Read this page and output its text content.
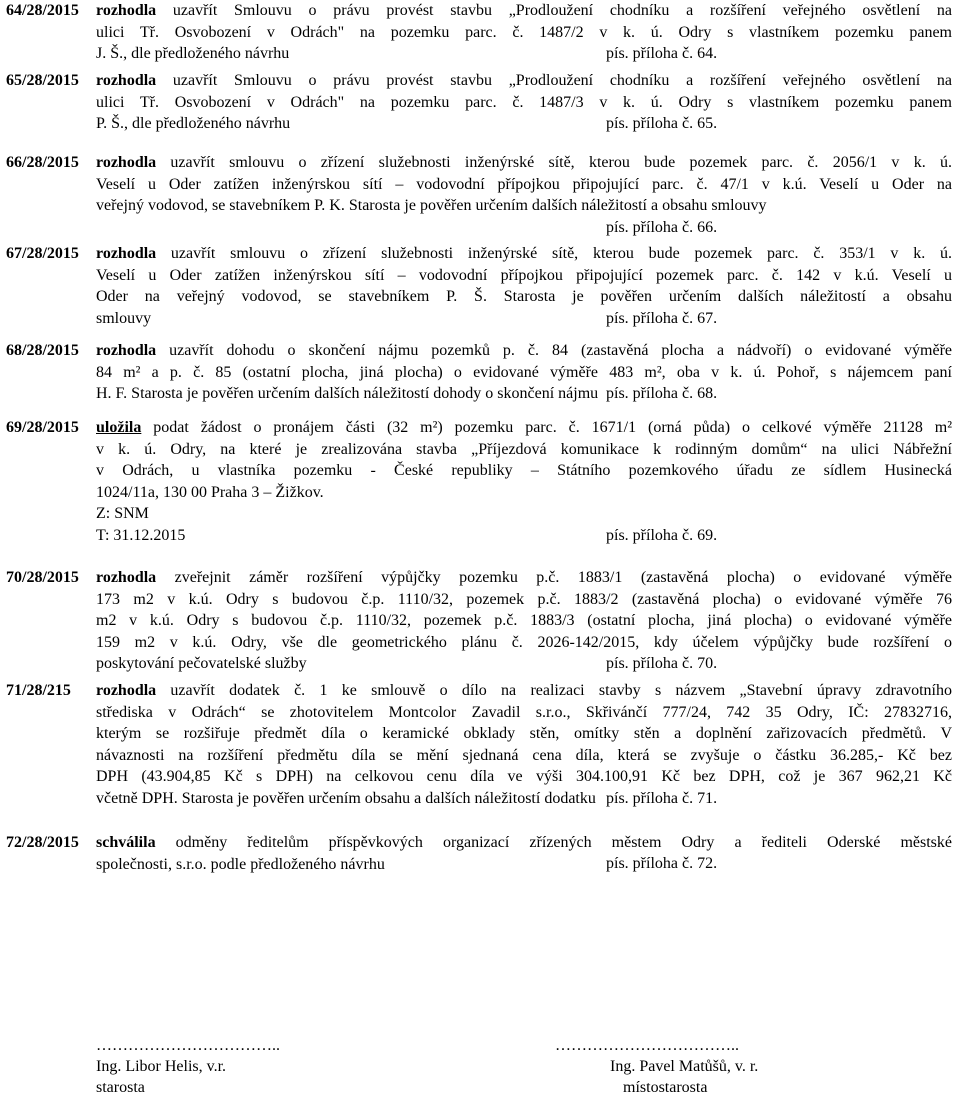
64/28/2015 rozhodla uzavřít Smlouvu o právu provést stavbu „Prodloužení chodníku a rozšíření veřejného osvětlení na
ulici Tř. Osvobození v Odrách" na pozemku parc. č. 1487/2 v k. ú. Odry s vlastníkem pozemku panem
J. Š., dle předloženého návrhu	pís. příloha č. 64.
65/28/2015 rozhodla uzavřít Smlouvu o právu provést stavbu „Prodloužení chodníku a rozšíření veřejného osvětlení na
ulici Tř. Osvobození v Odrách" na pozemku parc. č. 1487/3 v k. ú. Odry s vlastníkem pozemku panem
P. Š., dle předloženého návrhu	pís. příloha č. 65.
66/28/2015 rozhodla uzavřít smlouvu o zřízení služebnosti inženýrské sítě, kterou bude pozemek parc. č. 2056/1 v k. ú.
Veselí u Oder zatížen inženýrskou sítí – vodovodní přípojkou připojující parc. č. 47/1 v k.ú. Veselí u Oder na
veřejný vodovod, se stavebníkem P. K. Starosta je pověřen určením dalších náležitostí a obsahu smlouvy
pís. příloha č. 66.
67/28/2015 rozhodla uzavřít smlouvu o zřízení služebnosti inženýrské sítě, kterou bude pozemek parc. č. 353/1 v k. ú.
Veselí u Oder zatížen inženýrskou sítí – vodovodní přípojkou připojující pozemek parc. č. 142 v k.ú. Veselí u
Oder na veřejný vodovod, se stavebníkem P. Š. Starosta je pověřen určením dalších náležitostí a obsahu
smlouvy	pís. příloha č. 67.
68/28/2015 rozhodla uzavřít dohodu o skončení nájmu pozemků p. č. 84 (zastavěná plocha a nádvoří) o evidované výměře
84 m² a p. č. 85 (ostatní plocha, jiná plocha) o evidované výměře 483 m², oba v k. ú. Pohoř, s nájemcem paní
H. F. Starosta je pověřen určením dalších náležitostí dohody o skončení nájmu pís. příloha č. 68.
69/28/2015 uložila podat žádost o pronájem části (32 m²) pozemku parc. č. 1671/1 (orná půda) o celkové výměře 21128 m²
v k. ú. Odry, na které je zrealizována stavba „Příjezdová komunikace k rodinným domům“ na ulici Nábřežní
v Odrách, u vlastníka pozemku - České republiky – Státního pozemkového úřadu ze sídlem Husinecká
1024/11a, 130 00 Praha 3 – Žižkov.
Z: SNM
T: 31.12.2015	pís. příloha č. 69.
70/28/2015 rozhodla zveřejnit záměr rozšíření výpůjčky pozemku p.č. 1883/1 (zastavěná plocha) o evidované výměře
173 m2 v k.ú. Odry s budovou č.p. 1110/32, pozemek p.č. 1883/2 (zastavěná plocha) o evidované výměře 76
m2 v k.ú. Odry s budovou č.p. 1110/32, pozemek p.č. 1883/3 (ostatní plocha, jiná plocha) o evidované výměře
159 m2 v k.ú. Odry, vše dle geometrického plánu č. 2026-142/2015, kdy účelem výpůjčky bude rozšíření o
poskytování pečovatelské služby	pís. příloha č. 70.
71/28/215 rozhodla uzavřít dodatek č. 1 ke smlouvě o dílo na realizaci stavby s názvem „Stavební úpravy zdravotního
střediska v Odrách“ se zhotovitelem Montcolor Zavadil s.r.o., Skřivánčí 777/24, 742 35 Odry, IČ: 27832716,
kterým se rozšiřuje předmět díla o keramické obklady stěn, omítky stěn a doplnění zařizovacích předmětů. V
návaznosti na rozšíření předmětu díla se mění sjednaná cena díla, která se zvyšuje o částku 36.285,- Kč bez
DPH (43.904,85 Kč s DPH) na celkovou cenu díla ve výši 304.100,91 Kč bez DPH, což je 367 962,21 Kč
včetně DPH. Starosta je pověřen určením obsahu a dalších náležitostí dodatku pís. příloha č. 71.
72/28/2015 schválila odměny ředitelům příspěvkových organizací zřízených městem Odry a řediteli Oderské městské
společnosti, s.r.o. podle předloženého návrhu	pís. příloha č. 72.
……………………………..
Ing. Libor Helis, v.r.
starosta
……………………………..
Ing. Pavel Matůšů, v. r.
místostarosta
